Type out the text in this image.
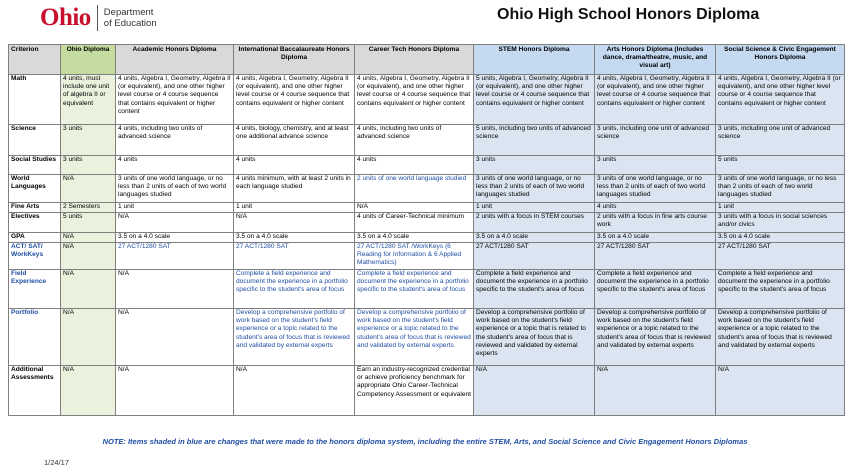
Ohio Department
of Education
Ohio High School Honors Diploma
Criterion	Ohio Diploma	Academic Honors Diploma	International Baccalaureate Honors Diploma	Career Tech Honors Diploma	STEM Honors Diploma	Arts Honors Diploma (Includes dance, drama/theatre, music, and visual art)	Social Science & Civic Engagement Honors Diploma
Math	4 units, must include one unit of algebra II or equivalent	4 units, Algebra I, Geometry, Algebra II (or equivalent), and one other higher level course or 4 course sequence that contains equivalent or higher content	4 units, Algebra I, Geometry, Algebra II (or equivalent), and one other higher level course or 4 course sequence that contains equivalent or higher content	4 units, Algebra I, Geometry, Algebra II (or equivalent), and one other higher level course or 4 course sequence that contains equivalent or higher content	5 units, Algebra I, Geometry, Algebra II (or equivalent), and one other higher level course or 4 course sequence that contains equivalent or higher content	4 units, Algebra I, Geometry, Algebra II (or equivalent), and one other higher level course or 4 course sequence that contains equivalent or higher content	4 units, Algebra I, Geometry, Algebra II (or equivalent), and one other higher level course or 4 course sequence that contains equivalent or higher content
Science	3 units	4 units, including two units of advanced science	4 units, biology, chemistry, and at least one additional advance science	4 units, including two units of advanced science	5 units, including two units of advanced science	3 units, including one unit of advanced science	3 units, including one unit of advanced science
Social Studies	3 units	4 units	4 units	4 units	3 units	3 units	5 units
World Languages	N/A	3 units of one world language, or no less than 2 units of each of two world languages studied	4 units minimum, with at least 2 units in each language studied	2 units of one world language studied	3 units of one world language, or no less than 2 units of each of two world languages studied	3 units of one world language, or no less than 2 units of each of two world languages studied	3 units of one world language, or no less than 2 units of each of two world languages studied
Fine Arts	2 Semesters	1 unit	1 unit	N/A	1 unit	4 units	1 unit
Electives	5 units	N/A	N/A	4 units of Career-Technical minimum	2 units with a focus in STEM courses	2 units with a focus in fine arts course work	3 units with a focus in social sciences and/or civics
GPA	N/A	3.5 on a 4.0 scale	3.5 on a 4.0 scale	3.5 on a 4.0 scale	3.5 on a 4.0 scale	3.5 on a 4.0 scale	3.5 on a 4.0 scale
ACT/ SAT/ WorkKeys	N/A	27 ACT/1280 SAT	27 ACT/1280 SAT	27 ACT/1280 SAT /WorkKeys (6 Reading for Information & 6 Applied Mathematics)	27 ACT/1280 SAT	27 ACT/1280 SAT	27 ACT/1280 SAT
Field Experience	N/A	N/A	Complete a field experience and document the experience in a portfolio specific to the student's area of focus	Complete a field experience and document the experience in a portfolio specific to the student's area of focus	Complete a field experience and document the experience in a portfolio specific to the student's area of focus	Complete a field experience and document the experience in a portfolio specific to the student's area of focus	Complete a field experience and document the experience in a portfolio specific to the student's area of focus
Portfolio	N/A	N/A	Develop a comprehensive portfolio of work based on the student's field experience or a topic related to the student's area of focus that is reviewed and validated by external experts	Develop a comprehensive portfolio of work based on the student's field experience or a topic related to the student's area of focus that is reviewed and validated by external experts	Develop a comprehensive portfolio of work based on the student's field experience or a topic that is related to the student's area of focus that is reviewed and validated by external experts	Develop a comprehensive portfolio of work based on the student's field experience or a topic related to the student's area of focus that is reviewed and validated by external experts	Develop a comprehensive portfolio of work based on the student's field experience or a topic related to the student's area of focus that is reviewed and validated by external experts
Additional Assessments	N/A	N/A	N/A	Earn an industry-recognized credential or achieve proficiency benchmark for appropriate Ohio Career-Technical Competency Assessment or equivalent	N/A	N/A	N/A
NOTE: Items shaded in blue are changes that were made to the honors diploma system, including the entire STEM, Arts, and Social Science and Civic Engagement Honors Diplomas
1/24/17
